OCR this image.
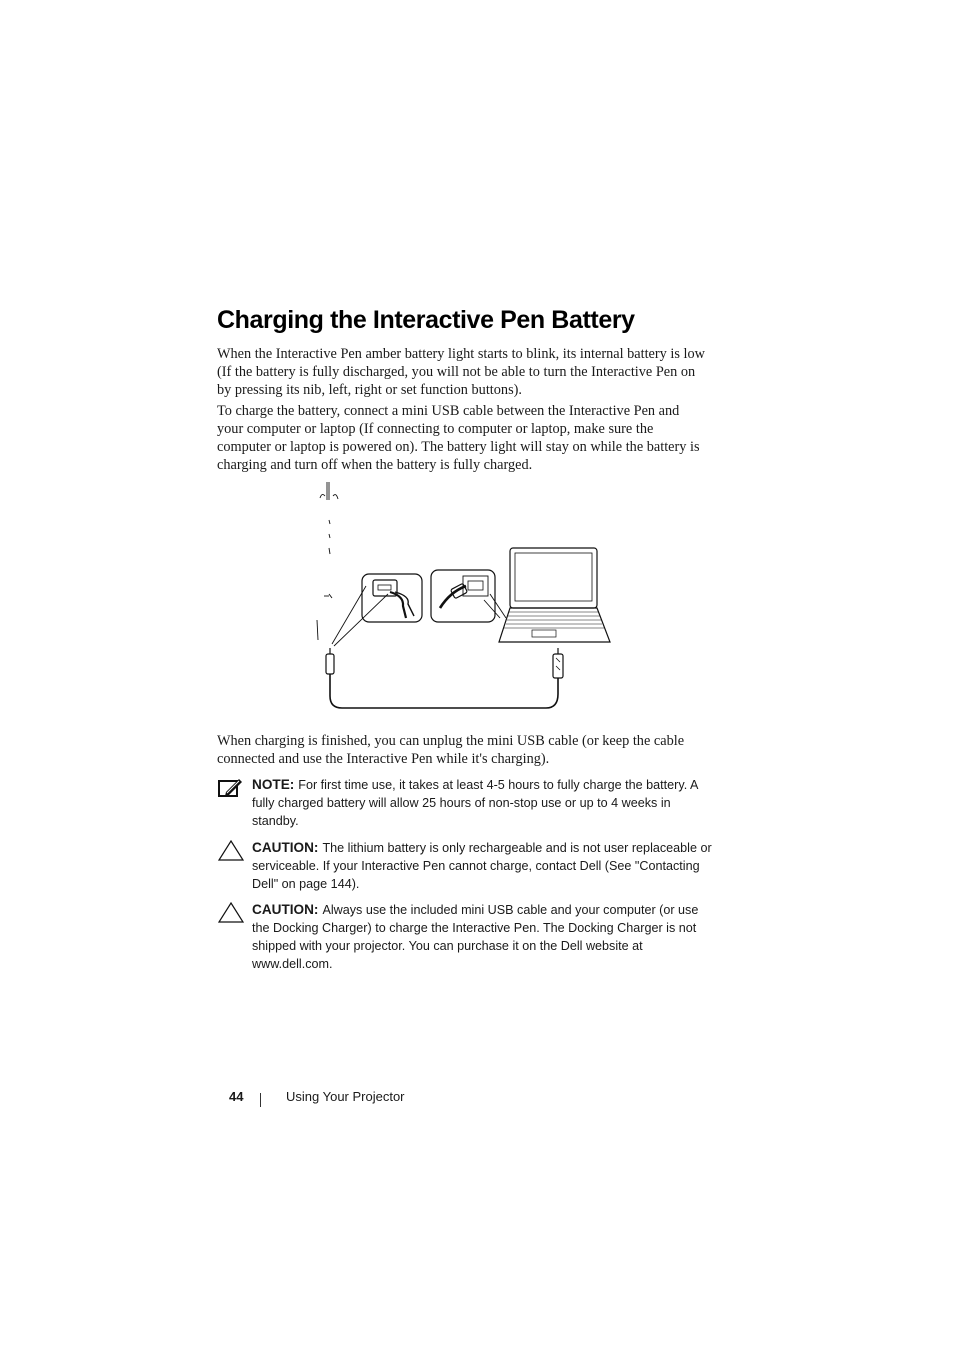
Charging the Interactive Pen Battery

When the Interactive Pen amber battery light starts to blink, its internal battery is low (If the battery is fully discharged, you will not be able to turn the Interactive Pen on by pressing its nib, left, right or set function buttons).

To charge the battery, connect a mini USB cable between the Interactive Pen and your computer or laptop (If connecting to computer or laptop, make sure the computer or laptop is powered on). The battery light will stay on while the battery is charging and turn off when the battery is fully charged.

When charging is finished, you can unplug the mini USB cable (or keep the cable connected and use the Interactive Pen while it's charging).

NOTE: For first time use, it takes at least 4-5 hours to fully charge the battery. A fully charged battery will allow 25 hours of non-stop use or up to 4 weeks in standby.
CAUTION: The lithium battery is only rechargeable and is not user replaceable or serviceable. If your Interactive Pen cannot charge, contact Dell (See "Contacting Dell" on page 144).
CAUTION: Always use the included mini USB cable and your computer (or use the Docking Charger) to charge the Interactive Pen. The Docking Charger is not shipped with your projector. You can purchase it on the Dell website at www.dell.com.
44	Using Your Projector
